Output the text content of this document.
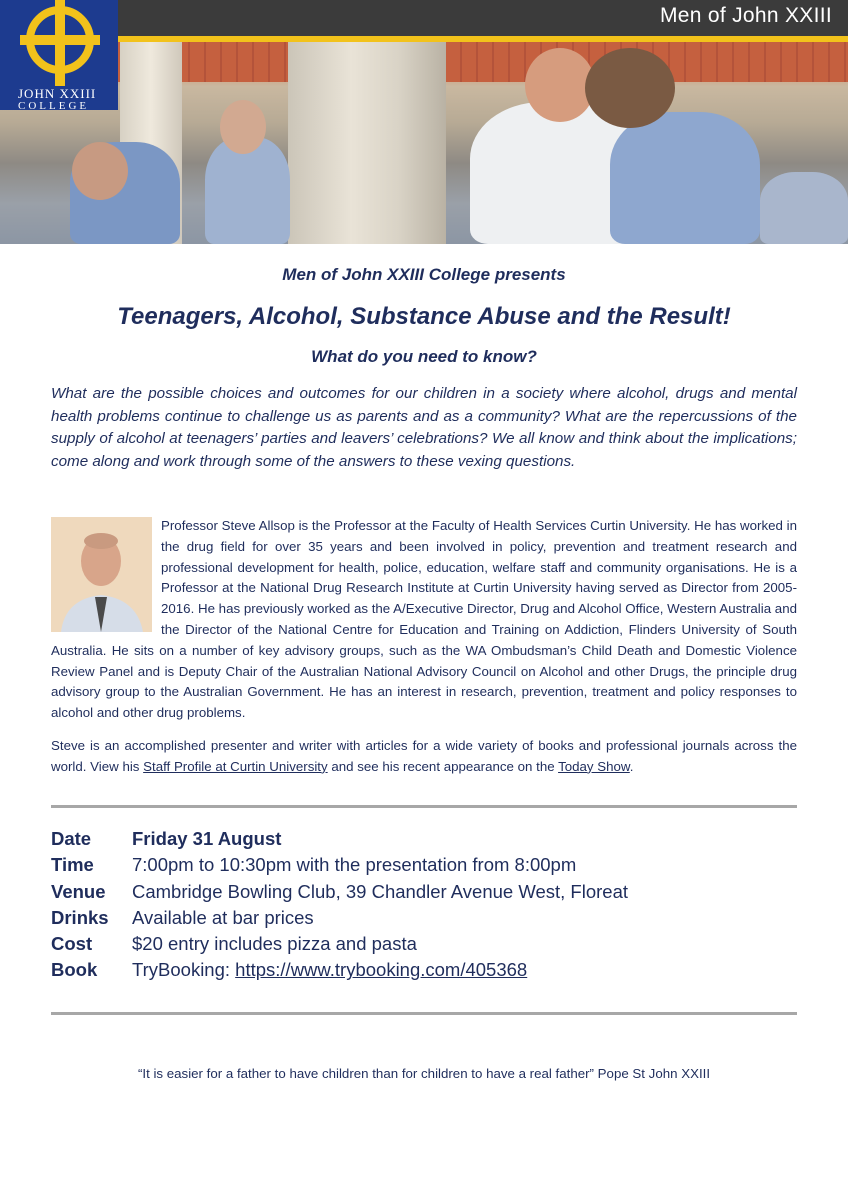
Men of John XXIII
JOHN XXIII
COLLEGE
Men of John XXIII College presents
Teenagers, Alcohol, Substance Abuse and the Result!
What do you need to know?
What are the possible choices and outcomes for our children in a society where alcohol, drugs and mental health problems continue to challenge us as parents and as a community? What are the repercussions of the supply of alcohol at teenagers’ parties and leavers’ celebrations? We all know and think about the implications; come along and work through some of the answers to these vexing questions.
Professor Steve Allsop is the Professor at the Faculty of Health Services Curtin University. He has worked in the drug field for over 35 years and been involved in policy, prevention and treatment research and professional development for health, police, education, welfare staff and community organisations. He is a Professor at the National Drug Research Institute at Curtin University having served as Director from 2005-2016. He has previously worked as the A/Executive Director, Drug and Alcohol Office, Western Australia and the Director of the National Centre for Education and Training on Addiction, Flinders University of South Australia. He sits on a number of key advisory groups, such as the WA Ombudsman’s Child Death and Domestic Violence Review Panel and is Deputy Chair of the Australian National Advisory Council on Alcohol and other Drugs, the principle drug advisory group to the Australian Government. He has an interest in research, prevention, treatment and policy responses to alcohol and other drug problems.
Steve is an accomplished presenter and writer with articles for a wide variety of books and professional journals across the world. View his Staff Profile at Curtin University and see his recent appearance on the Today Show.
Date Friday 31 August
Time 7:00pm to 10:30pm with the presentation from 8:00pm
Venue Cambridge Bowling Club, 39 Chandler Avenue West, Floreat
Drinks Available at bar prices
Cost $20 entry includes pizza and pasta
Book TryBooking: https://www.trybooking.com/405368
“It is easier for a father to have children than for children to have a real father” Pope St John XXIII
